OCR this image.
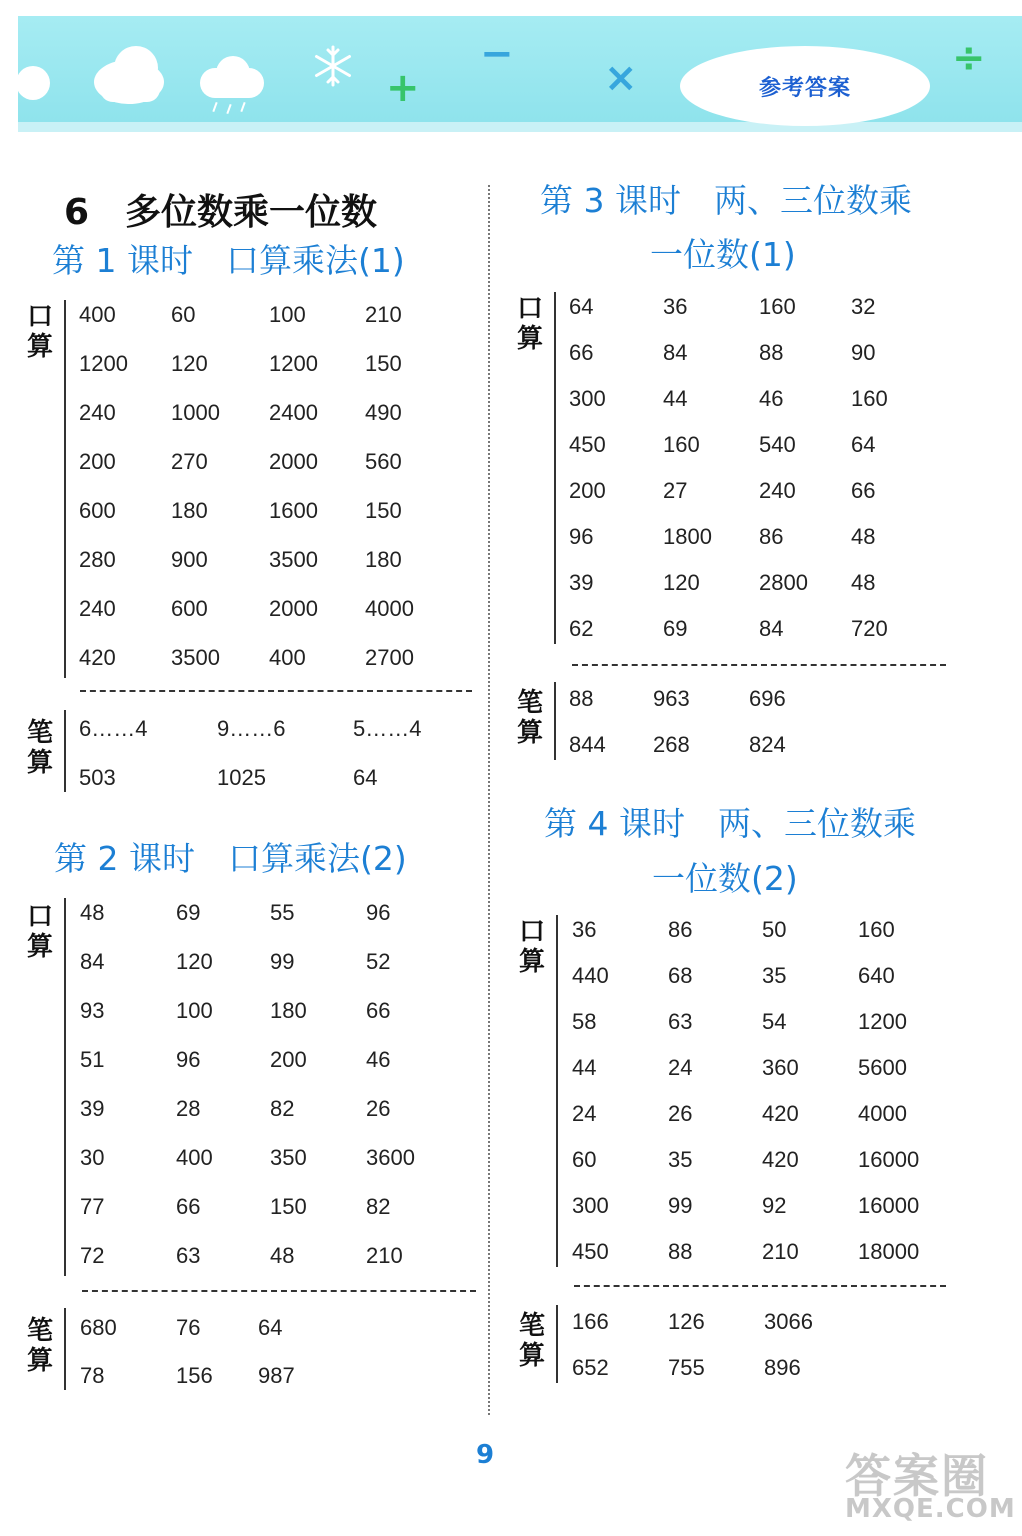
+
−
×	÷
参考答案
6　多位数乘一位数
第 1 课时　口算乘法(1)
口
算
400	60	100	210
1200 120	1200 150
240	1000 2400 490
200	270	2000 560
600	180	1600 150
280	900	3500 180
240	600	2000 4000
420	3500 400	2700
笔
算
6……4	9……6	5……4
503	1025	64
第 2 课时　口算乘法(2)
口
算
48	69	55	96
84	120	99	52
93	100	180	66
51	96	200	46
39	28	82	26
30	400	350	3600
77	66	150	82
72	63	48	210
笔
算
680	76	64
78	156 987
第 3 课时　两、三位数乘
一位数(1)
口
算
64	36	160	32
66	84	88	90
300	44	46	160
450	160	540	64
200	27	240	66
96	1800 86	48
39	120	2800 48
62	69	84	720
笔
算
88	963	696
844 268	824
第 4 课时　两、三位数乘
一位数(2)
口
算
36	86	50	160
440	68	35	640
58	63	54	1200
44	24	360	5600
24	26	420	4000
60	35	420	16000
300	99	92	16000
450	88	210	18000
笔
算
166	126	3066
652	755	896
9	答案圈
MXQE.COM
